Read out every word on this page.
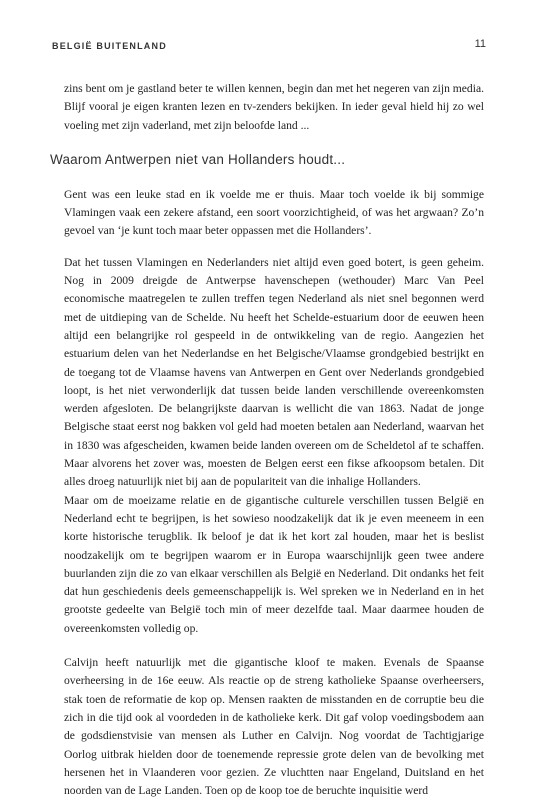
BELGIË BUITENLAND	11

zins bent om je gastland beter te willen kennen, begin dan met het negeren van zijn media. Blijf vooral je eigen kranten lezen en tv-zenders bekijken. In ieder geval hield hij zo wel voeling met zijn vaderland, met zijn beloofde land ...

Waarom Antwerpen niet van Hollanders houdt...

Gent was een leuke stad en ik voelde me er thuis. Maar toch voelde ik bij sommige Vlamingen vaak een zekere afstand, een soort voorzichtigheid, of was het argwaan? Zo’n gevoel van ‘je kunt toch maar beter oppassen met die Hollanders’.

Dat het tussen Vlamingen en Nederlanders niet altijd even goed botert, is geen geheim. Nog in 2009 dreigde de Antwerpse havenschepen (wethouder) Marc Van Peel economische maatregelen te zullen treffen tegen Nederland als niet snel begonnen werd met de uitdieping van de Schelde. Nu heeft het Schelde-estuarium door de eeuwen heen altijd een belangrijke rol gespeeld in de ontwikkeling van de regio. Aangezien het estuarium delen van het Nederlandse en het Belgische/Vlaamse grondgebied bestrijkt en de toegang tot de Vlaamse havens van Antwerpen en Gent over Nederlands grondgebied loopt, is het niet verwonderlijk dat tussen beide landen verschillende overeenkomsten werden afgesloten. De belangrijkste daarvan is wellicht die van 1863. Nadat de jonge Belgische staat eerst nog bakken vol geld had moeten betalen aan Nederland, waarvan het in 1830 was afgescheiden, kwamen beide landen overeen om de Scheldetol af te schaffen. Maar alvorens het zover was, moesten de Belgen eerst een fikse afkoopsom betalen. Dit alles droeg natuurlijk niet bij aan de populariteit van die inhalige Hollanders.

Maar om de moeizame relatie en de gigantische culturele verschillen tussen België en Nederland echt te begrijpen, is het sowieso noodzakelijk dat ik je even meeneem in een korte historische terugblik. Ik beloof je dat ik het kort zal houden, maar het is beslist noodzakelijk om te begrijpen waarom er in Europa waarschijnlijk geen twee andere buurlanden zijn die zo van elkaar verschillen als België en Nederland. Dit ondanks het feit dat hun geschiedenis deels gemeenschappelijk is. Wel spreken we in Nederland en in het grootste gedeelte van België toch min of meer dezelfde taal. Maar daarmee houden de overeenkomsten volledig op.

Calvijn heeft natuurlijk met die gigantische kloof te maken. Evenals de Spaanse overheersing in de 16e eeuw. Als reactie op de streng katholieke Spaanse overheersers, stak toen de reformatie de kop op. Mensen raakten de misstanden en de corruptie beu die zich in die tijd ook al voordeden in de katholieke kerk. Dit gaf volop voedingsbodem aan de godsdienstvisie van mensen als Luther en Calvijn. Nog voordat de Tachtigjarige Oorlog uitbrak hielden door de toenemende repressie grote delen van de bevolking met hersenen het in Vlaanderen voor gezien. Ze vluchtten naar Engeland, Duitsland en het noorden van de Lage Landen. Toen op de koop toe de beruchte inquisitie werd
